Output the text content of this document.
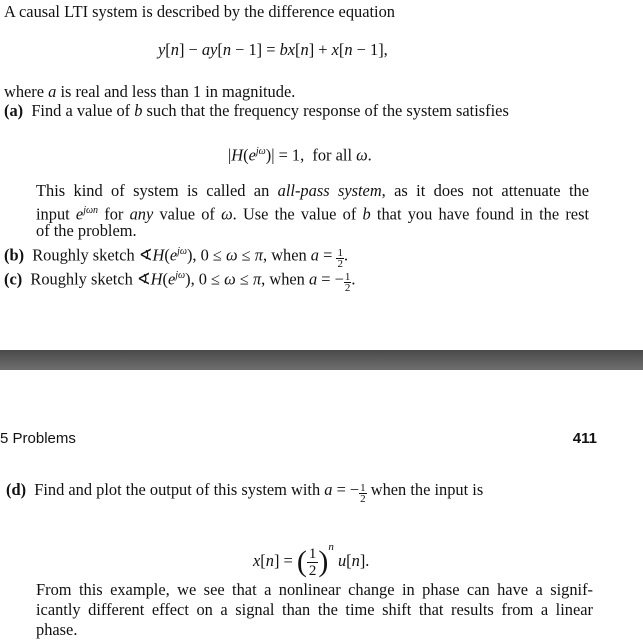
A causal LTI system is described by the difference equation
y[n] − ay[n − 1] = bx[n] + x[n − 1],
where a is real and less than 1 in magnitude.
(a)  Find a value of b such that the frequency response of the system satisfies
$|H(e^{j\omega})| = 1$,  for all ω.
This kind of system is called an all-pass system, as it does not attenuate the
input $e^{j\omega n}$ for any value of ω. Use the value of b that you have found in the rest
of the problem.
(b)  Roughly sketch $∢H(e^{j\omega})$, 0 ≤ ω ≤ π, when $a = \frac{1}{2}$ .
(c)  Roughly sketch $∢H(e^{j\omega})$, 0 ≤ ω ≤ π, when a = − $\frac{1}{2}$ .
5 Problems	411
(d)  Find and plot the output of this system with a = − $\frac{1}{2}$ when the input is
x[n] = ( $\frac{1}{2})^n$ u[n].
From this example, we see that a nonlinear change in phase can have a signif-
icantly different effect on a signal than the time shift that results from a linear
phase.
